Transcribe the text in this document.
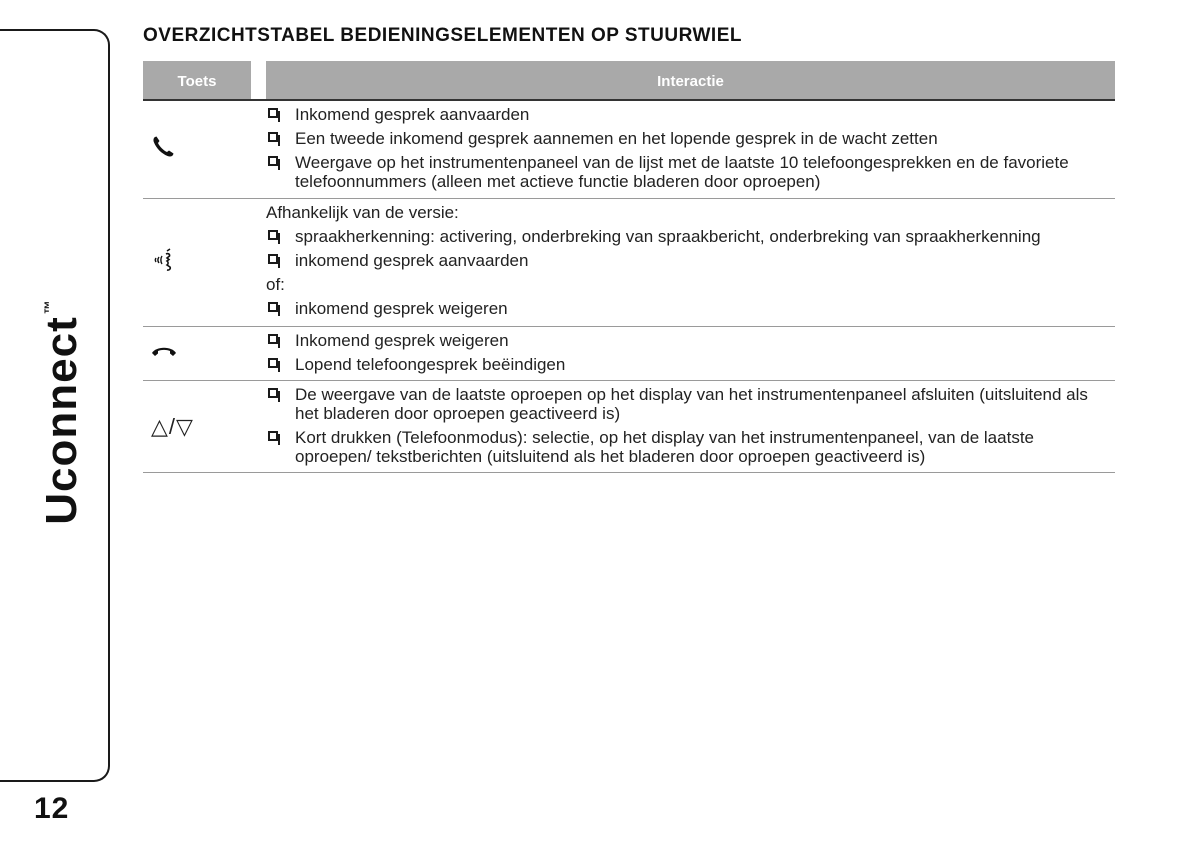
Uconnect™
12
OVERZICHTSTABEL BEDIENINGSELEMENTEN OP STUURWIEL
Toets	Interactie
Inkomend gesprek aanvaarden
Een tweede inkomend gesprek aannemen en het lopende gesprek in de wacht zetten
Weergave op het instrumentenpaneel van de lijst met de laatste 10 telefoongesprekken en de favoriete telefoonnummers (alleen met actieve functie bladeren door oproepen)
Afhankelijk van de versie:
spraakherkenning: activering, onderbreking van spraakbericht, onderbreking van spraakherkenning
inkomend gesprek aanvaarden
of:
inkomend gesprek weigeren
Inkomend gesprek weigeren
Lopend telefoongesprek beëindigen
△/▽
De weergave van de laatste oproepen op het display van het instrumentenpaneel afsluiten (uitsluitend als het bladeren door oproepen geactiveerd is)
Kort drukken (Telefoonmodus): selectie, op het display van het instrumentenpaneel, van de laatste oproepen/ tekstberichten (uitsluitend als het bladeren door oproepen geactiveerd is)
